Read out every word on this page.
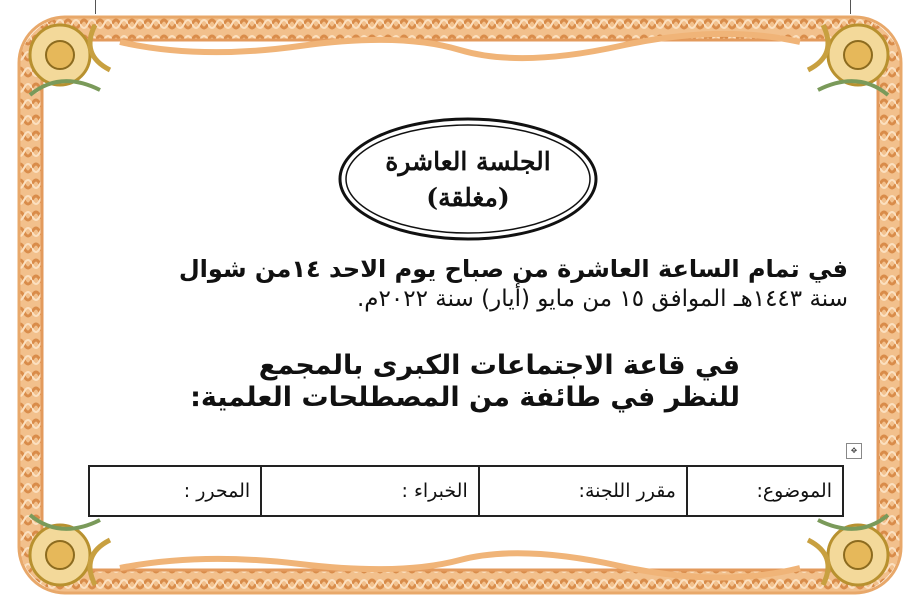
الجلسة العاشرة
(مغلقة)
في تمام الساعة العاشرة من صباح يوم الاحد ١٤من شوال
سنة ١٤٤٣هـ الموافق ١٥ من مايو (أيار) سنة ٢٠٢٢م.
في قاعة الاجتماعات الكبرى بالمجمع
للنظر في طائفة من المصطلحات العلمية:
✥
الموضوع:	مقرر اللجنة:	الخبراء :	المحرر :
